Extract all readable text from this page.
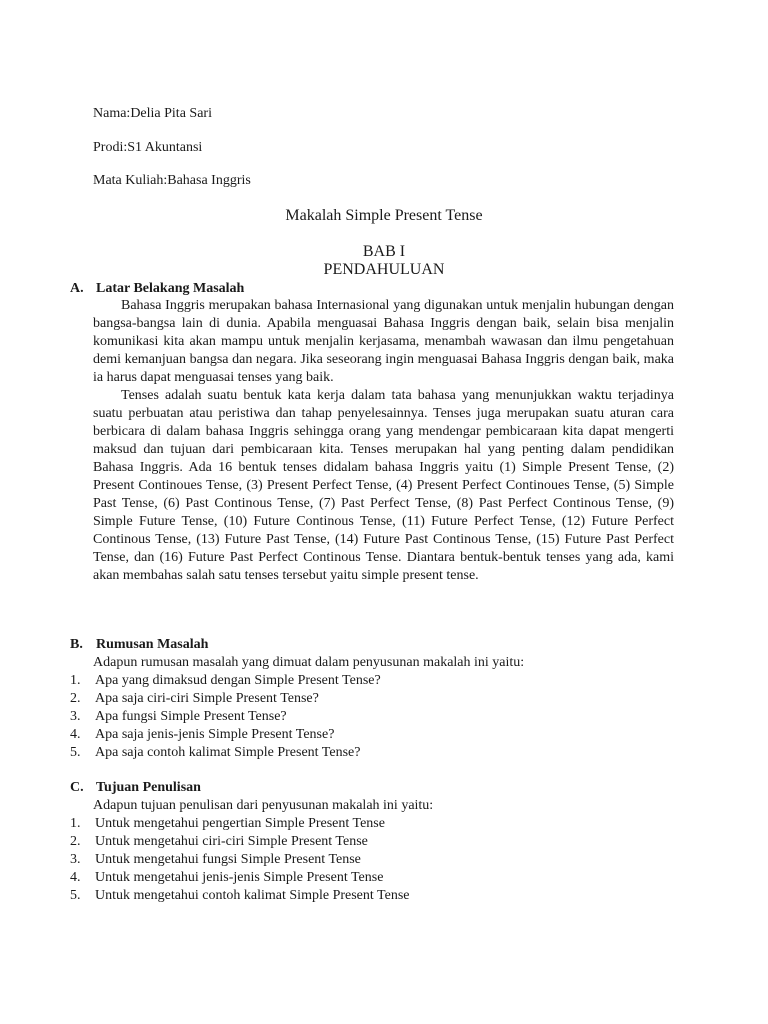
Nama:Delia Pita Sari
Prodi:S1 Akuntansi
Mata Kuliah:Bahasa Inggris
Makalah Simple Present Tense
BAB I
PENDAHULUAN
A. Latar Belakang Masalah

Bahasa Inggris merupakan bahasa Internasional yang digunakan untuk menjalin hubungan dengan bangsa-bangsa lain di dunia. Apabila menguasai Bahasa Inggris dengan baik, selain bisa menjalin komunikasi kita akan mampu untuk menjalin kerjasama, menambah wawasan dan ilmu pengetahuan demi kemanjuan bangsa dan negara. Jika seseorang ingin menguasai Bahasa Inggris dengan baik, maka ia harus dapat menguasai tenses yang baik.

Tenses adalah suatu bentuk kata kerja dalam tata bahasa yang menunjukkan waktu terjadinya suatu perbuatan atau peristiwa dan tahap penyelesainnya. Tenses juga merupakan suatu aturan cara berbicara di dalam bahasa Inggris sehingga orang yang mendengar pembicaraan kita dapat mengerti maksud dan tujuan dari pembicaraan kita. Tenses merupakan hal yang penting dalam pendidikan Bahasa Inggris. Ada 16 bentuk tenses didalam bahasa Inggris yaitu (1) Simple Present Tense, (2) Present Continoues Tense, (3) Present Perfect Tense, (4) Present Perfect Continoues Tense, (5) Simple Past Tense, (6) Past Continous Tense, (7) Past Perfect Tense, (8) Past Perfect Continous Tense, (9) Simple Future Tense, (10) Future Continous Tense, (11) Future Perfect Tense, (12) Future Perfect Continous Tense, (13) Future Past Tense, (14) Future Past Continous Tense, (15) Future Past Perfect Tense, dan (16) Future Past Perfect Continous Tense. Diantara bentuk-bentuk tenses yang ada, kami akan membahas salah satu tenses tersebut yaitu simple present tense.

B. Rumusan Masalah
Adapun rumusan masalah yang dimuat dalam penyusunan makalah ini yaitu:
1. Apa yang dimaksud dengan Simple Present Tense?
2. Apa saja ciri-ciri Simple Present Tense?
3. Apa fungsi Simple Present Tense?
4. Apa saja jenis-jenis Simple Present Tense?
5. Apa saja contoh kalimat Simple Present Tense?
C. Tujuan Penulisan
Adapun tujuan penulisan dari penyusunan makalah ini yaitu:
1. Untuk mengetahui pengertian Simple Present Tense
2. Untuk mengetahui ciri-ciri Simple Present Tense
3. Untuk mengetahui fungsi Simple Present Tense
4. Untuk mengetahui jenis-jenis Simple Present Tense
5. Untuk mengetahui contoh kalimat Simple Present Tense
